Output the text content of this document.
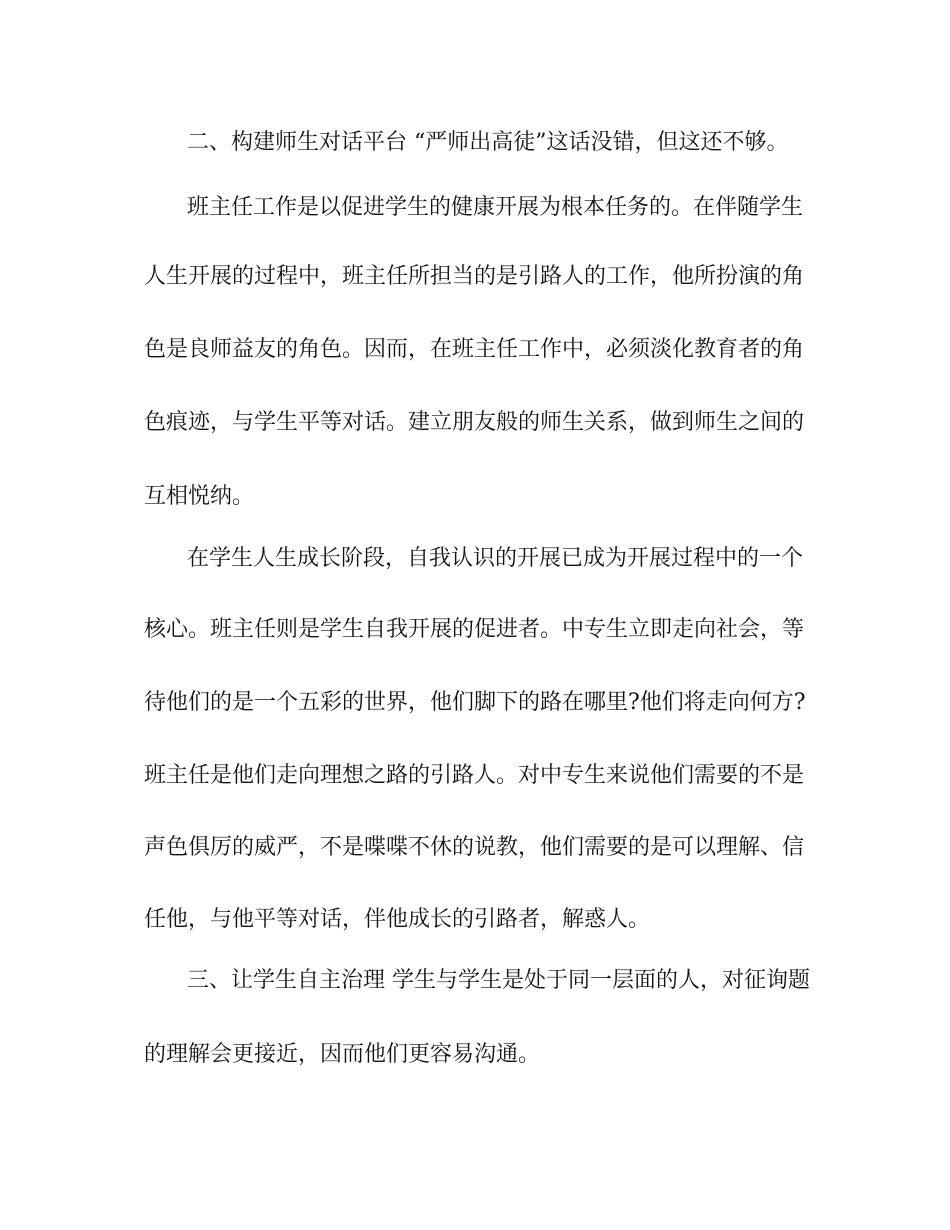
二、构建师生对话平台 “严师出高徒”这话没错，但这还不够。

班主任工作是以促进学生的健康开展为根本任务的。在伴随学生

人生开展的过程中，班主任所担当的是引路人的工作，他所扮演的角

色是良师益友的角色。因而，在班主任工作中，必须淡化教育者的角

色痕迹，与学生平等对话。建立朋友般的师生关系，做到师生之间的

互相悦纳。

在学生人生成长阶段，自我认识的开展已成为开展过程中的一个

核心。班主任则是学生自我开展的促进者。中专生立即走向社会，等

待他们的是一个五彩的世界，他们脚下的路在哪里?他们将走向何方?

班主任是他们走向理想之路的引路人。对中专生来说他们需要的不是

声色俱厉的威严，不是喋喋不休的说教，他们需要的是可以理解、信

任他，与他平等对话，伴他成长的引路者，解惑人。

三、让学生自主治理 学生与学生是处于同一层面的人，对征询题

的理解会更接近，因而他们更容易沟通。
